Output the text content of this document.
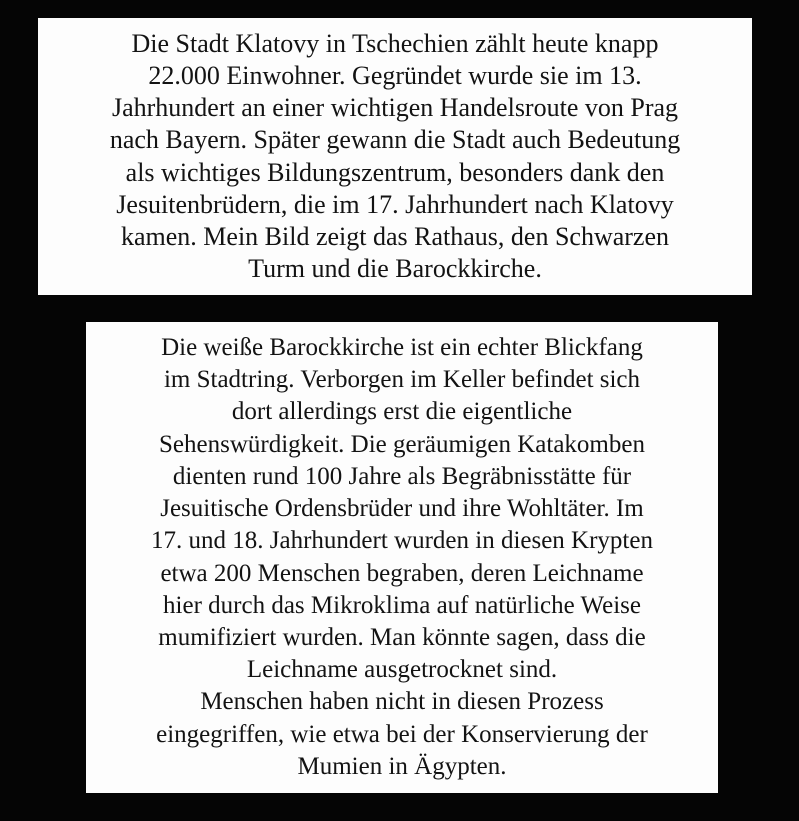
Die Stadt Klatovy in Tschechien zählt heute knapp

22.000 Einwohner. Gegründet wurde sie im 13.

Jahrhundert an einer wichtigen Handelsroute von Prag

nach Bayern. Später gewann die Stadt auch Bedeutung

als wichtiges Bildungszentrum, besonders dank den

Jesuitenbrüdern, die im 17. Jahrhundert nach Klatovy

kamen. Mein Bild zeigt das Rathaus, den Schwarzen

Turm und die Barockkirche.

Die weiße Barockkirche ist ein echter Blickfang

im Stadtring. Verborgen im Keller befindet sich

dort allerdings erst die eigentliche

Sehenswürdigkeit. Die geräumigen Katakomben

dienten rund 100 Jahre als Begräbnisstätte für

Jesuitische Ordensbrüder und ihre Wohltäter. Im

17. und 18. Jahrhundert wurden in diesen Krypten

etwa 200 Menschen begraben, deren Leichname

hier durch das Mikroklima auf natürliche Weise

mumifiziert wurden. Man könnte sagen, dass die

Leichname ausgetrocknet sind.

Menschen haben nicht in diesen Prozess

eingegriffen, wie etwa bei der Konservierung der

Mumien in Ägypten.
